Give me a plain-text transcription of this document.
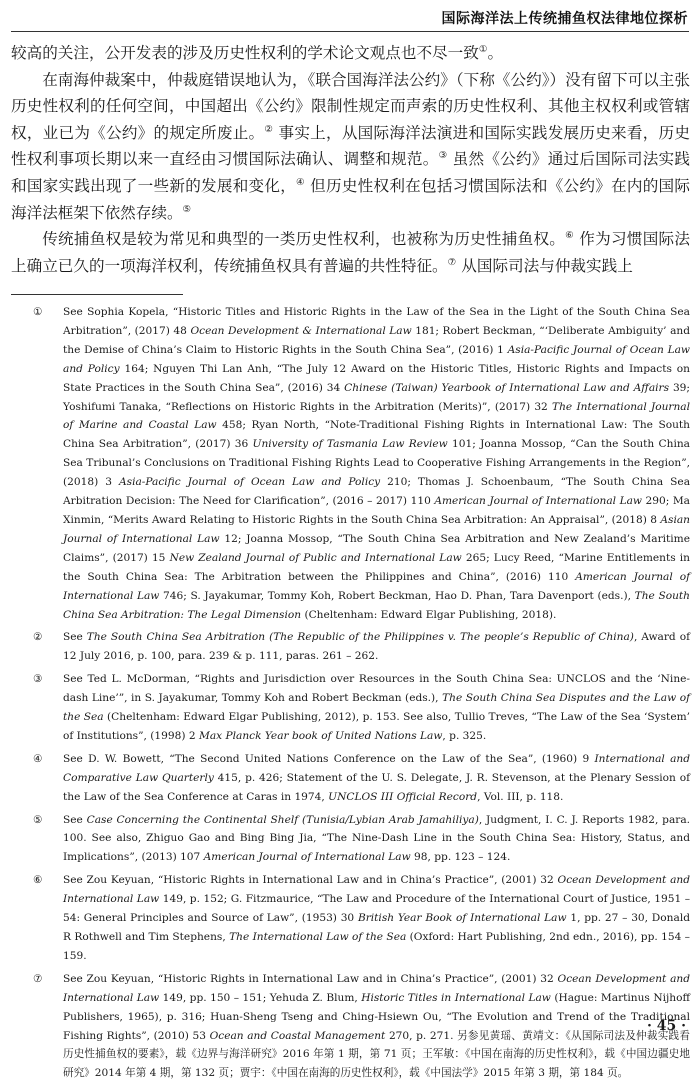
国际海洋法上传统捕鱼权法律地位探析

较高的关注，公开发表的涉及历史性权利的学术论文观点也不尽一致①。

在南海仲裁案中，仲裁庭错误地认为，《联合国海洋法公约》（下称《公约》）没有留下可以主张历史性权利的任何空间，中国超出《公约》限制性规定而声索的历史性权利、其他主权权利或管辖权，业已为《公约》的规定所废止。② 事实上，从国际海洋法演进和国际实践发展历史来看，历史性权利事项长期以来一直经由习惯国际法确认、调整和规范。③ 虽然《公约》通过后国际司法实践和国家实践出现了一些新的发展和变化，④ 但历史性权利在包括习惯国际法和《公约》在内的国际海洋法框架下依然存续。⑤

传统捕鱼权是较为常见和典型的一类历史性权利，也被称为历史性捕鱼权。⑥ 作为习惯国际法上确立已久的一项海洋权利，传统捕鱼权具有普遍的共性特征。⑦ 从国际司法与仲裁实践上

①	See Sophia Kopela, “Historic Titles and Historic Rights in the Law of the Sea in the Light of the South China Sea Arbitration”, (2017) 48 Ocean Development & International Law 181; Robert Beckman, “‘Deliberate Ambiguity’ and the Demise of China’s Claim to Historic Rights in the South China Sea”, (2016) 1 Asia-Pacific Journal of Ocean Law and Policy 164; Nguyen Thi Lan Anh, “The July 12 Award on the Historic Titles, Historic Rights and Impacts on State Practices in the South China Sea”, (2016) 34 Chinese (Taiwan) Yearbook of International Law and Affairs 39; Yoshifumi Tanaka, “Reflections on Historic Rights in the Arbitration (Merits)”, (2017) 32 The International Journal of Marine and Coastal Law 458; Ryan North, “Note-Traditional Fishing Rights in International Law: The South China Sea Arbitration”, (2017) 36 University of Tasmania Law Review 101; Joanna Mossop, “Can the South China Sea Tribunal’s Conclusions on Traditional Fishing Rights Lead to Cooperative Fishing Arrangements in the Region”, (2018) 3 Asia-Pacific Journal of Ocean Law and Policy 210; Thomas J. Schoenbaum, “The South China Sea Arbitration Decision: The Need for Clarification”, (2016 – 2017) 110 American Journal of International Law 290; Ma Xinmin, “Merits Award Relating to Historic Rights in the South China Sea Arbitration: An Appraisal”, (2018) 8 Asian Journal of International Law 12; Joanna Mossop, “The South China Sea Arbitration and New Zealand’s Maritime Claims”, (2017) 15 New Zealand Journal of Public and International Law 265; Lucy Reed, “Marine Entitlements in the South China Sea: The Arbitration between the Philippines and China”, (2016) 110 American Journal of International Law 746; S. Jayakumar, Tommy Koh, Robert Beckman, Hao D. Phan, Tara Davenport (eds.), The South China Sea Arbitration: The Legal Dimension (Cheltenham: Edward Elgar Publishing, 2018).
②	See The South China Sea Arbitration (The Republic of the Philippines v. The people’s Republic of China), Award of 12 July 2016, p. 100, para. 239 & p. 111, paras. 261 – 262.
③	See Ted L. McDorman, “Rights and Jurisdiction over Resources in the South China Sea: UNCLOS and the ‘Nine-dash Line’”, in S. Jayakumar, Tommy Koh and Robert Beckman (eds.), The South China Sea Disputes and the Law of the Sea (Cheltenham: Edward Elgar Publishing, 2012), p. 153. See also, Tullio Treves, “The Law of the Sea ‘System’ of Institutions”, (1998) 2 Max Planck Year book of United Nations Law, p. 325.
④	See D. W. Bowett, “The Second United Nations Conference on the Law of the Sea”, (1960) 9 International and Comparative Law Quarterly 415, p. 426; Statement of the U. S. Delegate, J. R. Stevenson, at the Plenary Session of the Law of the Sea Conference at Caras in 1974, UNCLOS III Official Record, Vol. III, p. 118.
⑤	See Case Concerning the Continental Shelf (Tunisia/Lybian Arab Jamahiliya), Judgment, I. C. J. Reports 1982, para. 100. See also, Zhiguo Gao and Bing Bing Jia, “The Nine-Dash Line in the South China Sea: History, Status, and Implications”, (2013) 107 American Journal of International Law 98, pp. 123 – 124.
⑥	See Zou Keyuan, “Historic Rights in International Law and in China’s Practice”, (2001) 32 Ocean Development and International Law 149, p. 152; G. Fitzmaurice, “The Law and Procedure of the International Court of Justice, 1951 – 54: General Principles and Source of Law”, (1953) 30 British Year Book of International Law 1, pp. 27 – 30, Donald R Rothwell and Tim Stephens, The International Law of the Sea (Oxford: Hart Publishing, 2nd edn., 2016), pp. 154 – 159.
⑦	See Zou Keyuan, “Historic Rights in International Law and in China’s Practice”, (2001) 32 Ocean Development and International Law 149, pp. 150 – 151; Yehuda Z. Blum, Historic Titles in International Law (Hague: Martinus Nijhoff Publishers, 1965), p. 316; Huan-Sheng Tseng and Ching-Hsiewn Ou, “The Evolution and Trend of the Traditional Fishing Rights”, (2010) 53 Ocean and Coastal Management 270, p. 271. 另参见黄瑶、黄靖文：《从国际司法及仲裁实践看历史性捕鱼权的要素》，载《边界与海洋研究》2016 年第 1 期，第 71 页；王军敏：《中国在南海的历史性权利》，载《中国边疆史地研究》2014 年第 4 期，第 132 页；贾宇：《中国在南海的历史性权利》，载《中国法学》2015 年第 3 期，第 184 页。
· 45 ·
